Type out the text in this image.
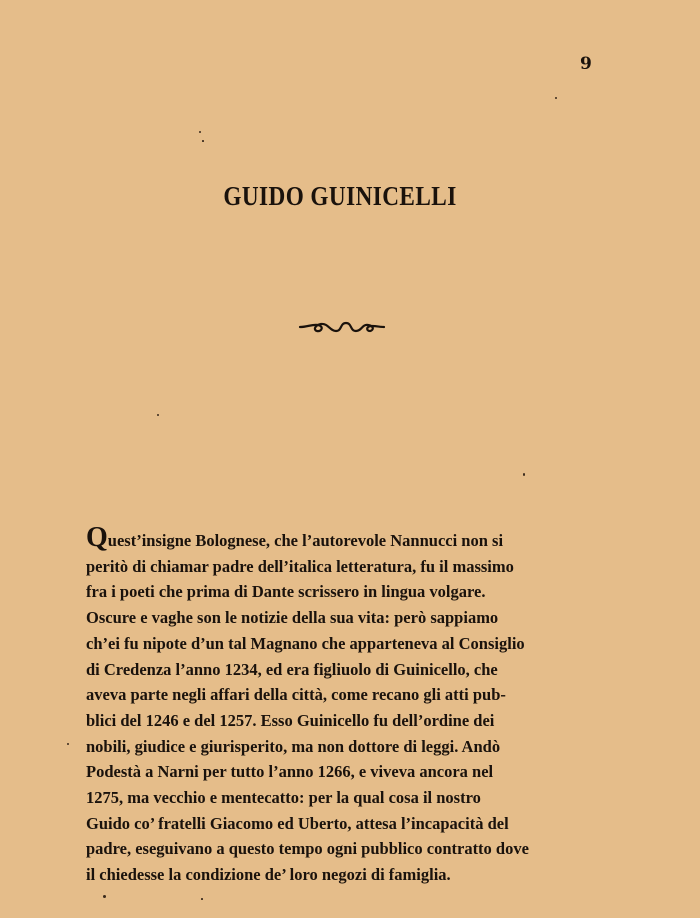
9
GUIDO GUINICELLI
Quest’insigne Bolognese, che l’autorevole Nannucci non si
peritò di chiamar padre dell’italica letteratura, fu il massimo
fra i poeti che prima di Dante scrissero in lingua volgare.
Oscure e vaghe son le notizie della sua vita: però sappiamo
ch’ei fu nipote d’un tal Magnano che apparteneva al Consiglio
di Credenza l’anno 1234, ed era figliuolo di Guinicello, che
aveva parte negli affari della città, come recano gli atti pub-
blici del 1246 e del 1257. Esso Guinicello fu dell’ordine dei
nobili, giudice e giurisperito, ma non dottore di leggi. Andò
Podestà a Narni per tutto l’anno 1266, e viveva ancora nel
1275, ma vecchio e mentecatto: per la qual cosa il nostro
Guido co’ fratelli Giacomo ed Uberto, attesa l’incapacità del
padre, eseguivano a questo tempo ogni pubblico contratto dove
il chiedesse la condizione de’ loro negozi di famiglia.
